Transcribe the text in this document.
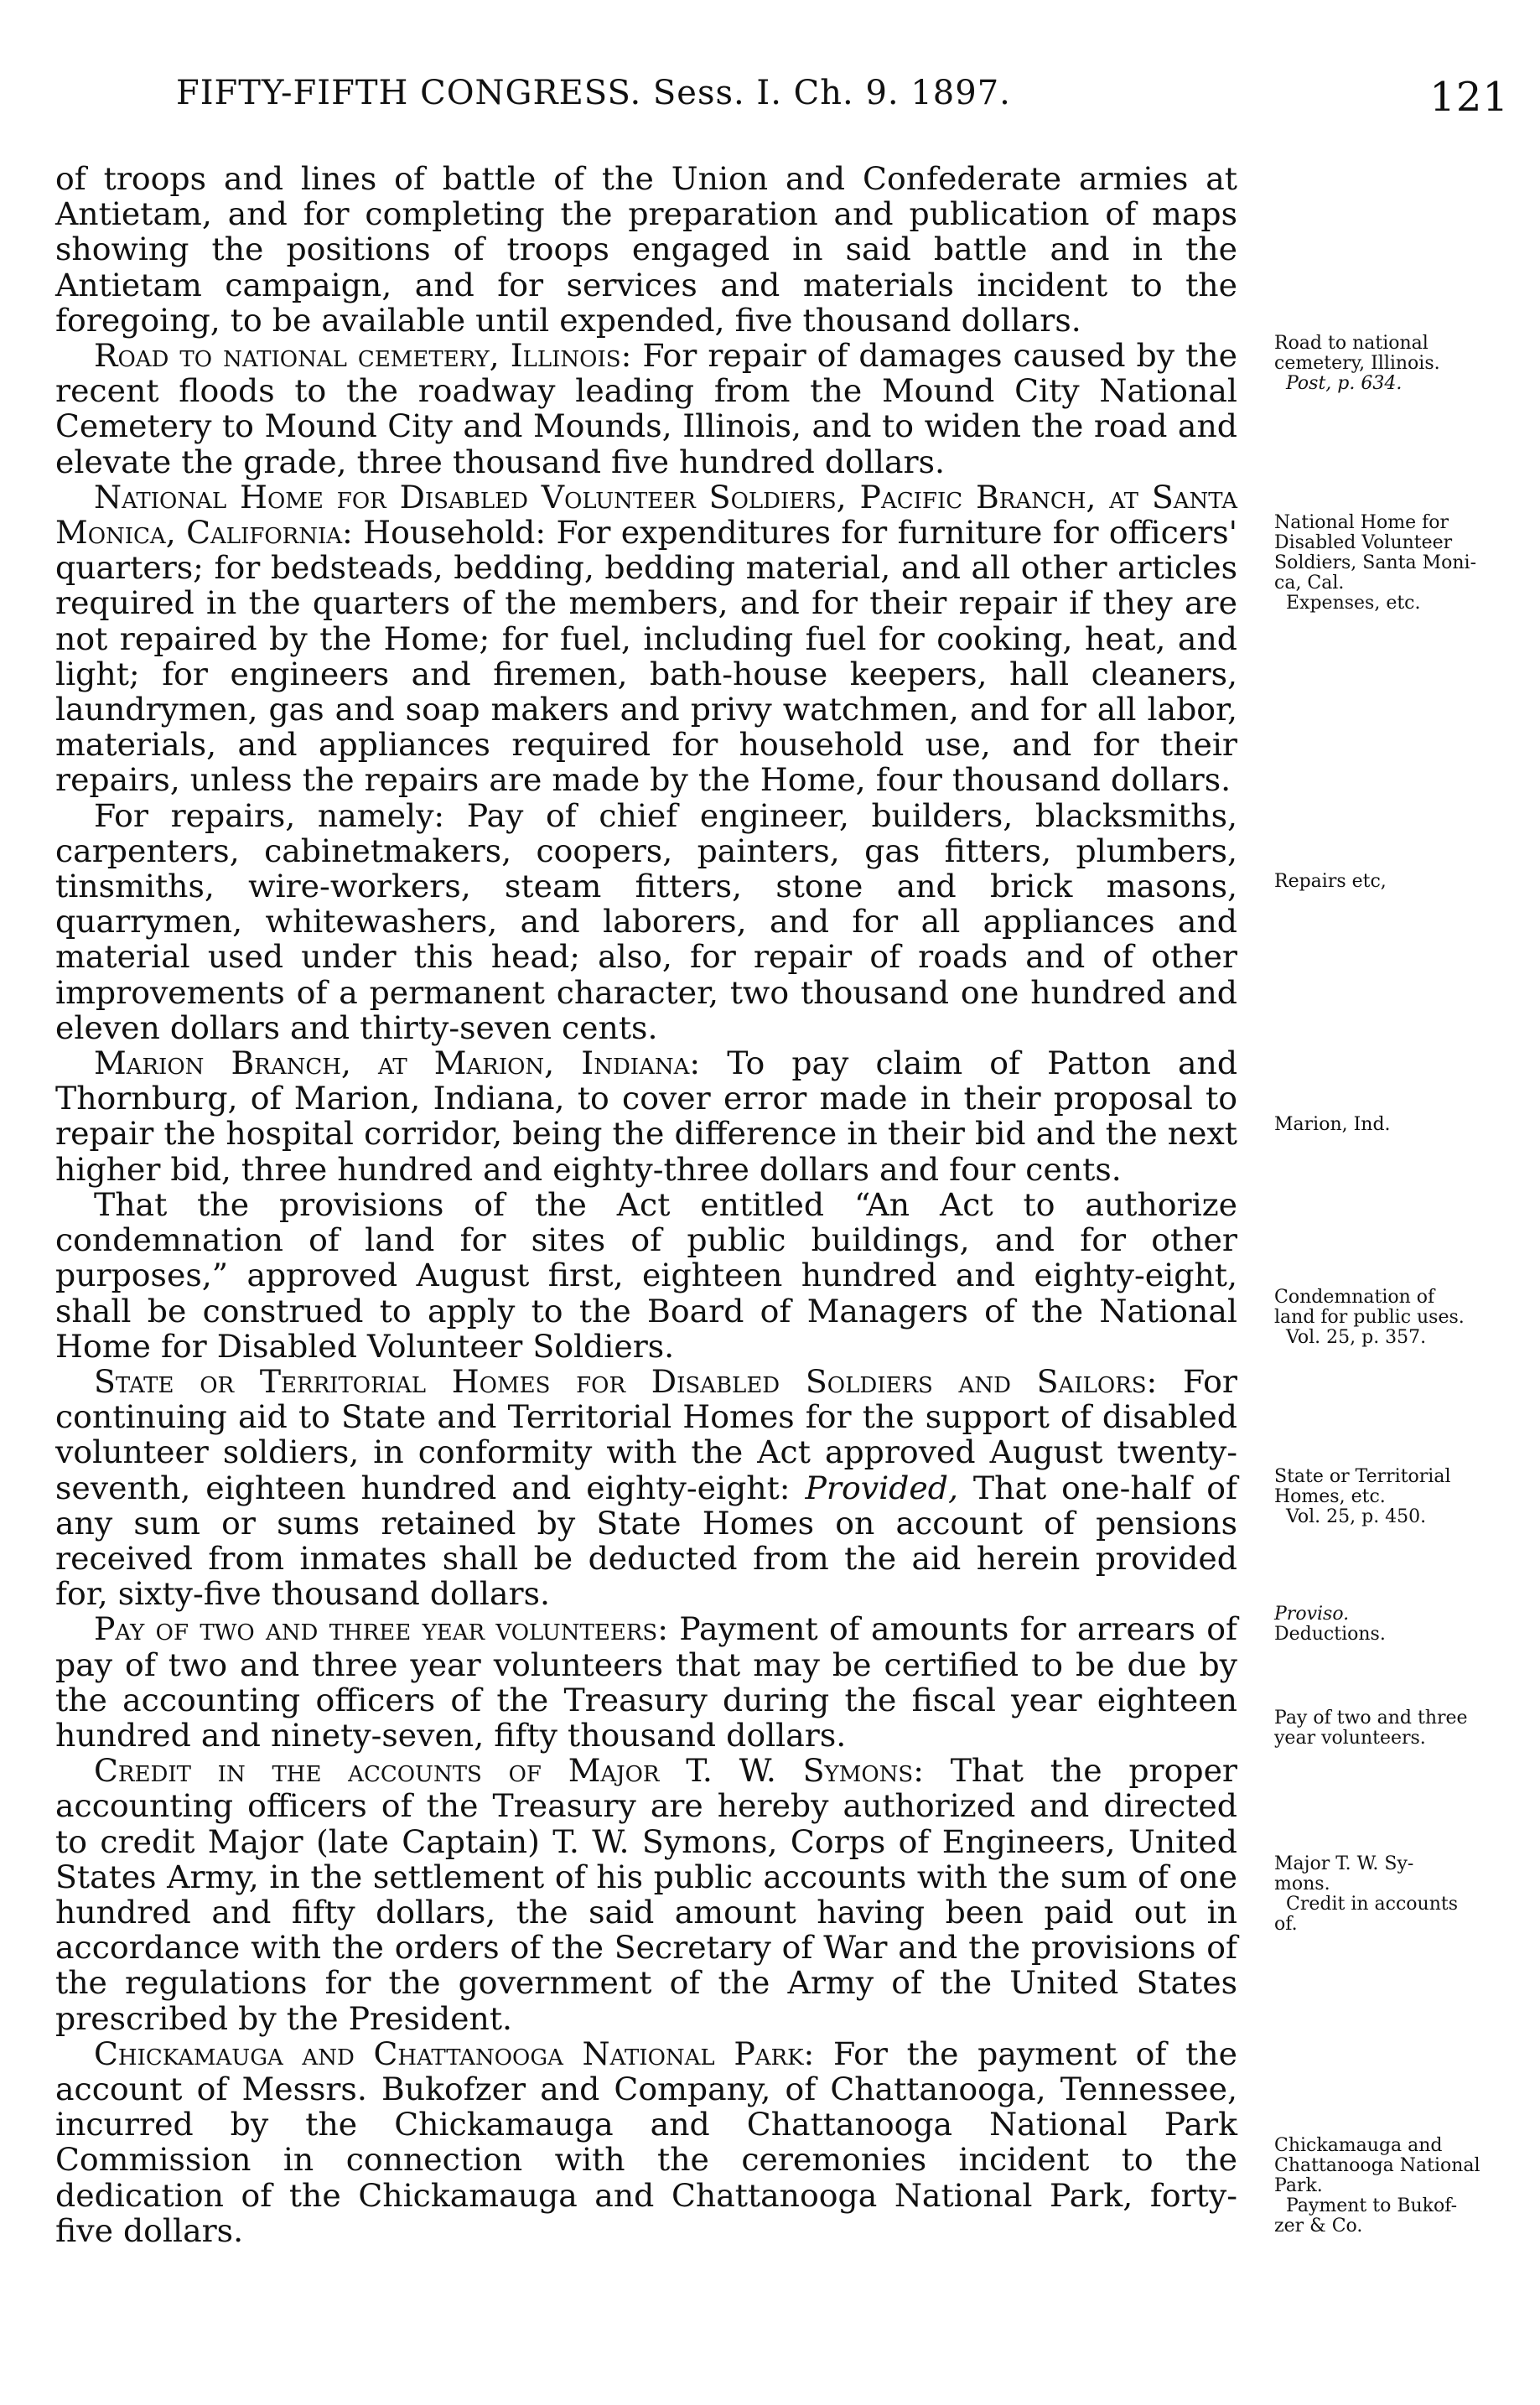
FIFTY-FIFTH CONGRESS. Sess. I. Ch. 9. 1897.	121

of troops and lines of battle of the Union and Confederate armies at Antietam, and for completing the preparation and publication of maps showing the positions of troops engaged in said battle and in the Antietam campaign, and for services and materials incident to the foregoing, to be available until expended, five thousand dollars.

Road to national cemetery, Illinois: For repair of damages caused by the recent floods to the roadway leading from the Mound City National Cemetery to Mound City and Mounds, Illinois, and to widen the road and elevate the grade, three thousand five hundred dollars.

National Home for Disabled Volunteer Soldiers, Pacific Branch, at Santa Monica, California: Household: For expenditures for furniture for officers' quarters; for bedsteads, bedding, bedding material, and all other articles required in the quarters of the members, and for their repair if they are not repaired by the Home; for fuel, including fuel for cooking, heat, and light; for engineers and firemen, bath-house keepers, hall cleaners, laundrymen, gas and soap makers and privy watchmen, and for all labor, materials, and appliances required for household use, and for their repairs, unless the repairs are made by the Home, four thousand dollars.

For repairs, namely: Pay of chief engineer, builders, blacksmiths, carpenters, cabinetmakers, coopers, painters, gas fitters, plumbers, tinsmiths, wire-workers, steam fitters, stone and brick masons, quarrymen, whitewashers, and laborers, and for all appliances and material used under this head; also, for repair of roads and of other improvements of a permanent character, two thousand one hundred and eleven dollars and thirty-seven cents.

Marion Branch, at Marion, Indiana: To pay claim of Patton and Thornburg, of Marion, Indiana, to cover error made in their proposal to repair the hospital corridor, being the difference in their bid and the next higher bid, three hundred and eighty-three dollars and four cents.

That the provisions of the Act entitled “An Act to authorize condemnation of land for sites of public buildings, and for other purposes,” approved August first, eighteen hundred and eighty-eight, shall be construed to apply to the Board of Managers of the National Home for Disabled Volunteer Soldiers.

State or Territorial Homes for Disabled Soldiers and Sailors: For continuing aid to State and Territorial Homes for the support of disabled volunteer soldiers, in conformity with the Act approved August twenty-seventh, eighteen hundred and eighty-eight: Provided, That one-half of any sum or sums retained by State Homes on account of pensions received from inmates shall be deducted from the aid herein provided for, sixty-five thousand dollars.

Pay of two and three year volunteers: Payment of amounts for arrears of pay of two and three year volunteers that may be certified to be due by the accounting officers of the Treasury during the fiscal year eighteen hundred and ninety-seven, fifty thousand dollars.

Credit in the accounts of Major T. W. Symons: That the proper accounting officers of the Treasury are hereby authorized and directed to credit Major (late Captain) T. W. Symons, Corps of Engineers, United States Army, in the settlement of his public accounts with the sum of one hundred and fifty dollars, the said amount having been paid out in accordance with the orders of the Secretary of War and the provisions of the regulations for the government of the Army of the United States prescribed by the President.

Chickamauga and Chattanooga National Park: For the payment of the account of Messrs. Bukofzer and Company, of Chattanooga, Tennessee, incurred by the Chickamauga and Chattanooga National Park Commission in connection with the ceremonies incident to the dedication of the Chickamauga and Chattanooga National Park, forty-five dollars.

Road to national
cemetery, Illinois.
Post, p. 634.
National Home for
Disabled Volunteer
Soldiers, Santa Moni-
ca, Cal.
Expenses, etc.
Repairs etc,
Marion, Ind.
Condemnation of
land for public uses.
Vol. 25, p. 357.
State or Territorial
Homes, etc.
Vol. 25, p. 450.
Proviso.
Deductions.
Pay of two and three
year volunteers.
Major T. W. Sy-
mons.
Credit in accounts
of.
Chickamauga and
Chattanooga National
Park.
Payment to Bukof-
zer & Co.
